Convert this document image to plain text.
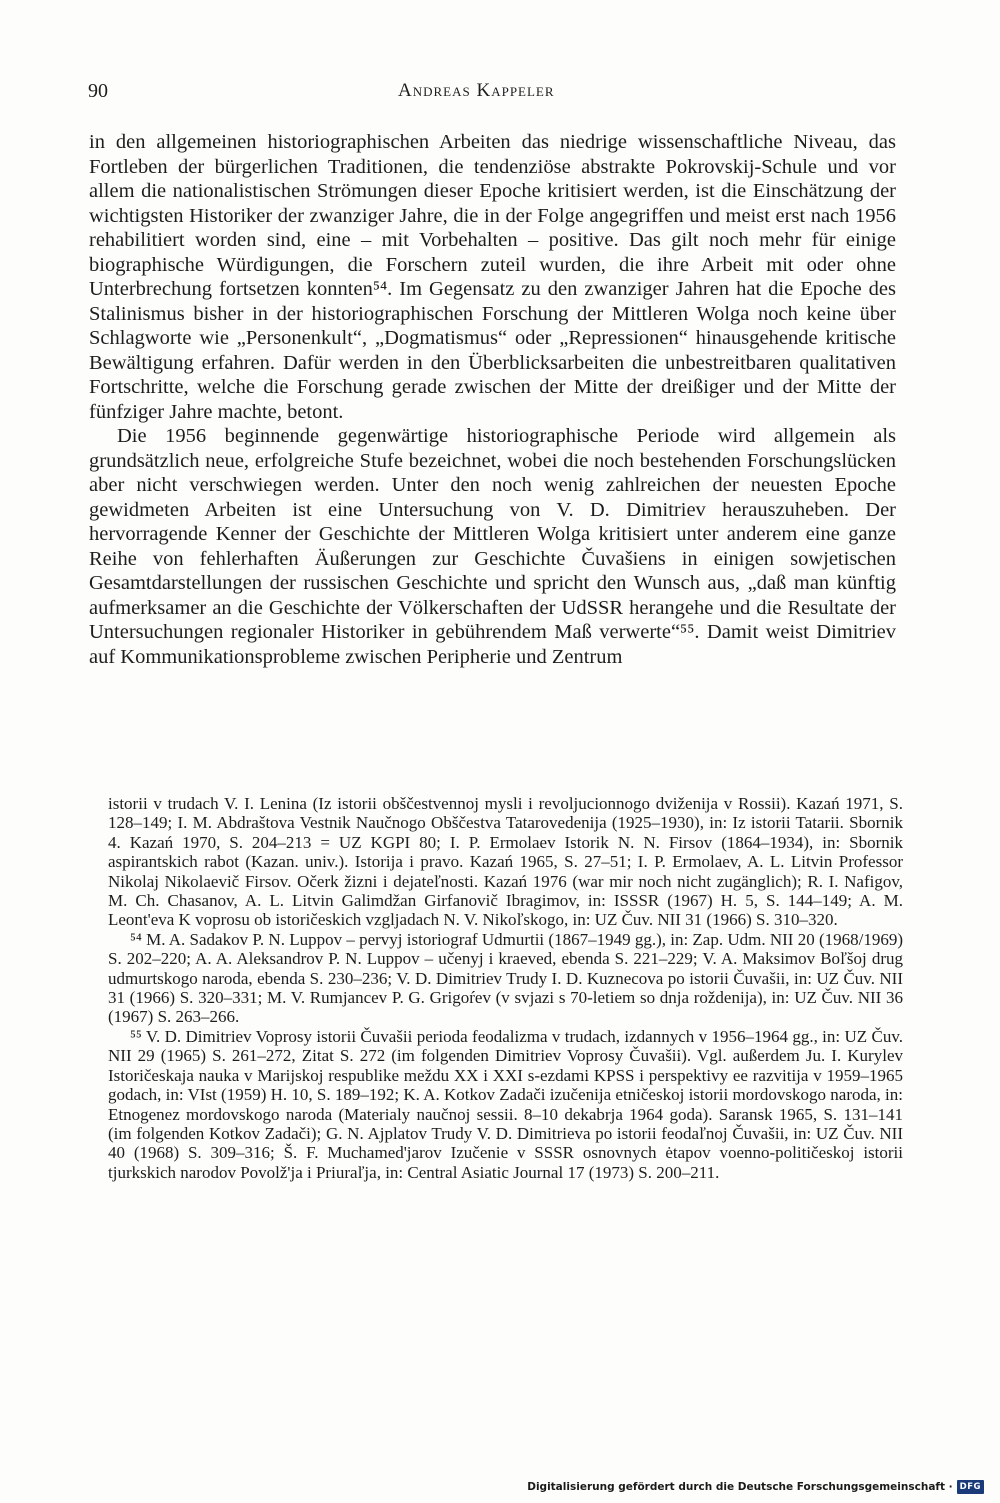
90	Andreas Kappeler

in den allgemeinen historiographischen Arbeiten das niedrige wissenschaftliche Niveau, das Fortleben der bürgerlichen Traditionen, die tendenziöse abstrakte Pokrovskij-Schule und vor allem die nationalistischen Strömungen dieser Epoche kritisiert werden, ist die Einschätzung der wichtigsten Historiker der zwanziger Jahre, die in der Folge angegriffen und meist erst nach 1956 rehabilitiert worden sind, eine – mit Vorbehalten – positive. Das gilt noch mehr für einige biographische Würdigungen, die Forschern zuteil wurden, die ihre Arbeit mit oder ohne Unterbrechung fortsetzen konnten⁵⁴. Im Gegensatz zu den zwanziger Jahren hat die Epoche des Stalinismus bisher in der historiographischen Forschung der Mittleren Wolga noch keine über Schlagworte wie „Personenkult“, „Dogmatismus“ oder „Repressionen“ hinausgehende kritische Bewältigung erfahren. Dafür werden in den Überblicksarbeiten die unbestreitbaren qualitativen Fortschritte, welche die Forschung gerade zwischen der Mitte der dreißiger und der Mitte der fünfziger Jahre machte, betont.

Die 1956 beginnende gegenwärtige historiographische Periode wird allgemein als grundsätzlich neue, erfolgreiche Stufe bezeichnet, wobei die noch bestehenden Forschungslücken aber nicht verschwiegen werden. Unter den noch wenig zahlreichen der neuesten Epoche gewidmeten Arbeiten ist eine Untersuchung von V. D. Dimitriev herauszuheben. Der hervorragende Kenner der Geschichte der Mittleren Wolga kritisiert unter anderem eine ganze Reihe von fehlerhaften Äußerungen zur Geschichte Čuvašiens in einigen sowjetischen Gesamtdarstellungen der russischen Geschichte und spricht den Wunsch aus, „daß man künftig aufmerksamer an die Geschichte der Völkerschaften der UdSSR herangehe und die Resultate der Untersuchungen regionaler Historiker in gebührendem Maß verwerte“⁵⁵. Damit weist Dimitriev auf Kommunikationsprobleme zwischen Peripherie und Zentrum

istorii v trudach V. I. Lenina (Iz istorii obščestvennoj mysli i revoljucionnogo dviženija v Rossii). Kazań 1971, S. 128–149; I. M. Abdraštova Vestnik Naučnogo Obščestva Tatarovedenija (1925–1930), in: Iz istorii Tatarii. Sbornik 4. Kazań 1970, S. 204–213 = UZ KGPI 80; I. P. Ermolaev Istorik N. N. Firsov (1864–1934), in: Sbornik aspirantskich rabot (Kazan. univ.). Istorija i pravo. Kazań 1965, S. 27–51; I. P. Ermolaev, A. L. Litvin Professor Nikolaj Nikolaevič Firsov. Očerk žizni i dejateľnosti. Kazań 1976 (war mir noch nicht zugänglich); R. I. Nafigov, M. Ch. Chasanov, A. L. Litvin Galimdžan Girfanovič Ibragimov, in: ISSSR (1967) H. 5, S. 144–149; A. M. Leont'eva K voprosu ob istoričeskich vzgljadach N. V. Nikoľskogo, in: UZ Čuv. NII 31 (1966) S. 310–320.

⁵⁴ M. A. Sadakov P. N. Luppov – pervyj istoriograf Udmurtii (1867–1949 gg.), in: Zap. Udm. NII 20 (1968/1969) S. 202–220; A. A. Aleksandrov P. N. Luppov – učenyj i kraeved, ebenda S. 221–229; V. A. Maksimov Boľšoj drug udmurtskogo naroda, ebenda S. 230–236; V. D. Dimitriev Trudy I. D. Kuznecova po istorii Čuvašii, in: UZ Čuv. NII 31 (1966) S. 320–331; M. V. Rumjancev P. G. Grigoŕev (v svjazi s 70-letiem so dnja roždenija), in: UZ Čuv. NII 36 (1967) S. 263–266.

⁵⁵ V. D. Dimitriev Voprosy istorii Čuvašii perioda feodalizma v trudach, izdannych v 1956–1964 gg., in: UZ Čuv. NII 29 (1965) S. 261–272, Zitat S. 272 (im folgenden Dimitriev Voprosy Čuvašii). Vgl. außerdem Ju. I. Kurylev Istoričeskaja nauka v Marijskoj respublike meždu XX i XXI s-ezdami KPSS i perspektivy ee razvitija v 1959–1965 godach, in: VIst (1959) H. 10, S. 189–192; K. A. Kotkov Zadači izučenija etničeskoj istorii mordovskogo naroda, in: Etnogenez mordovskogo naroda (Materialy naučnoj sessii. 8–10 dekabrja 1964 goda). Saransk 1965, S. 131–141 (im folgenden Kotkov Zadači); G. N. Ajplatov Trudy V. D. Dimitrieva po istorii feodaľnoj Čuvašii, in: UZ Čuv. NII 40 (1968) S. 309–316; Š. F. Muchamed'jarov Izučenie v SSSR osnovnych ėtapov voenno-političeskoj istorii tjurkskich narodov Povolž'ja i Priuraľja, in: Central Asiatic Journal 17 (1973) S. 200–211.

Digitalisierung gefördert durch die Deutsche Forschungsgemeinschaft · DFG
